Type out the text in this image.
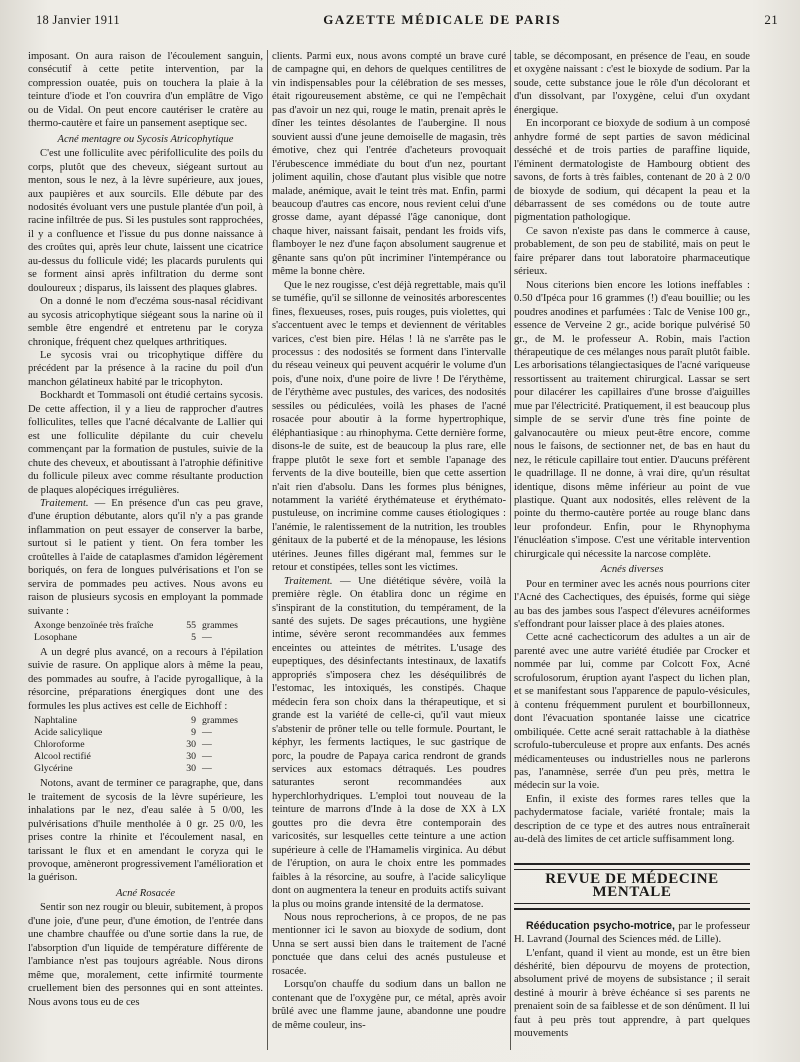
18 Janvier 1911	GAZETTE MÉDICALE DE PARIS	21

imposant. On aura raison de l'écoulement sanguin, consécutif à cette petite intervention, par la compression ouatée, puis on touchera la plaie à la teinture d'iode et l'on couvrira d'un emplâtre de Vigo ou de Vidal. On peut encore cautériser le cratère au thermo-cautère et faire un pansement aseptique sec.

Acné mentagre ou Sycosis Atricophytique

C'est une folliculite avec périfolliculite des poils du corps, plutôt que des cheveux, siégeant surtout au menton, sous le nez, à la lèvre supérieure, aux joues, aux paupières et aux sourcils. Elle débute par des nodosités évoluant vers une pustule plantée d'un poil, à racine infiltrée de pus. Si les pustules sont rapprochées, il y a confluence et l'issue du pus donne naissance à des croûtes qui, après leur chute, laissent une cicatrice au-dessus du follicule vidé; les placards purulents qui se forment ainsi après infiltration du derme sont douloureux ; disparus, ils laissent des plaques glabres.

On a donné le nom d'eczéma sous-nasal récidivant au sycosis atricophytique siégeant sous la narine où il semble être engendré et entretenu par le coryza chronique, fréquent chez quelques arthritiques.

Le sycosis vrai ou tricophytique diffère du précédent par la présence à la racine du poil d'un manchon gélatineux habité par le tricophyton.

Bockhardt et Tommasoli ont étudié certains sycosis. De cette affection, il y a lieu de rapprocher d'autres folliculites, telles que l'acné décalvante de Lallier qui est une folliculite dépilante du cuir chevelu commençant par la formation de pustules, suivie de la chute des cheveux, et aboutissant à l'atrophie définitive du follicule pileux avec comme résultante production de plaques alopéciques irrégulières.

Traitement. — En présence d'un cas peu grave, d'une éruption débutante, alors qu'il n'y a pas grande inflammation on peut essayer de conserver la barbe, surtout si le patient y tient. On fera tomber les croûtelles à l'aide de cataplasmes d'amidon légèrement boriqués, on fera de longues pulvérisations et l'on se servira de pommades peu actives. Nous avons eu raison de plusieurs sycosis en employant la pommade suivante :

Axonge benzoïnée très fraîche	55 grammes
Losophane	5 —

A un degré plus avancé, on a recours à l'épilation suivie de rasure. On applique alors à même la peau, des pommades au soufre, à l'acide pyrogallique, à la résorcine, préparations énergiques dont une des formules les plus actives est celle de Eichhoff :

Naphtaline	9 grammes
Acide salicylique	9 —
Chloroforme	30 —
Alcool rectifié	30 —
Glycérine	30 —

Notons, avant de terminer ce paragraphe, que, dans le traitement de sycosis de la lèvre supérieure, les inhalations par le nez, d'eau salée à 5 0/00, les pulvérisations d'huile mentholée à 0 gr. 25 0/0, les prises contre la rhinite et l'écoulement nasal, en tarissant le flux et en amendant le coryza qui le provoque, amèneront progressivement l'amélioration et la guérison.

Acné Rosacée

Sentir son nez rougir ou bleuir, subitement, à propos d'une joie, d'une peur, d'une émotion, de l'entrée dans une chambre chauffée ou d'une sortie dans la rue, de l'absorption d'un liquide de température différente de l'ambiance n'est pas toujours agréable. Nous dirons même que, moralement, cette infirmité tourmente cruellement bien des personnes qui en sont atteintes. Nous avons tous eu de ces

clients. Parmi eux, nous avons compté un brave curé de campagne qui, en dehors de quelques centilitres de vin indispensables pour la célébration de ses messes, était rigoureusement abstème, ce qui ne l'empêchait pas d'avoir un nez qui, rouge le matin, prenait après le dîner les teintes désolantes de l'aubergine. Il nous souvient aussi d'une jeune demoiselle de magasin, très émotive, chez qui l'entrée d'acheteurs provoquait l'érubescence immédiate du bout d'un nez, pourtant joliment aquilin, chose d'autant plus visible que notre malade, anémique, avait le teint très mat. Enfin, parmi beaucoup d'autres cas encore, nous revient celui d'une grosse dame, ayant dépassé l'âge canonique, dont chaque hiver, naissant faisait, pendant les froids vifs, flamboyer le nez d'une façon absolument saugrenue et gênante sans qu'on pût incriminer l'intempérance ou même la bonne chère.

Que le nez rougisse, c'est déjà regrettable, mais qu'il se tuméfie, qu'il se sillonne de veinosités arborescentes fines, flexueuses, roses, puis rouges, puis violettes, qui s'accentuent avec le temps et deviennent de véritables varices, c'est bien pire. Hélas ! là ne s'arrête pas le processus : des nodosités se forment dans l'intervalle du réseau veineux qui peuvent acquérir le volume d'un pois, d'une noix, d'une poire de livre ! De l'érythème, de l'érythème avec pustules, des varices, des nodosités sessiles ou pédiculées, voilà les phases de l'acné rosacée pour aboutir à la forme hypertrophique, éléphantiasique : au rhinophyma. Cette dernière forme, disons-le de suite, est de beaucoup la plus rare, elle frappe plutôt le sexe fort et semble l'apanage des fervents de la dive bouteille, bien que cette assertion n'ait rien d'absolu. Dans les formes plus bénignes, notamment la variété érythémateuse et érythémato-pustuleuse, on incrimine comme causes étiologiques : l'anémie, le ralentissement de la nutrition, les troubles génitaux de la puberté et de la ménopause, les lésions utérines. Jeunes filles digérant mal, femmes sur le retour et constipées, telles sont les victimes.

Traitement. — Une diététique sévère, voilà la première règle. On établira donc un régime en s'inspirant de la constitution, du tempérament, de la santé des sujets. De sages précautions, une hygiène intime, sévère seront recommandées aux femmes enceintes ou atteintes de métrites. L'usage des eupeptiques, des désinfectants intestinaux, de laxatifs appropriés s'imposera chez les déséquilibrés de l'estomac, les intoxiqués, les constipés. Chaque médecin fera son choix dans la thérapeutique, et si grande est la variété de celle-ci, qu'il vaut mieux s'abstenir de prôner telle ou telle formule. Pourtant, le képhyr, les ferments lactiques, le suc gastrique de porc, la poudre de Papaya carica rendront de grands services aux estomacs détraqués. Les poudres saturantes seront recommandées aux hyperchlorhydriques. L'emploi tout nouveau de la teinture de marrons d'Inde à la dose de XX à LX gouttes pro die devra être contemporain des varicosités, sur lesquelles cette teinture a une action supérieure à celle de l'Hamamelis virginica. Au début de l'éruption, on aura le choix entre les pommades faibles à la résorcine, au soufre, à l'acide salicylique dont on augmentera la teneur en produits actifs suivant la plus ou moins grande intensité de la dermatose.

Nous nous reprocherions, à ce propos, de ne pas mentionner ici le savon au bioxyde de sodium, dont Unna se sert aussi bien dans le traitement de l'acné ponctuée que dans celui des acnés pustuleuse et rosacée.

Lorsqu'on chauffe du sodium dans un ballon ne contenant que de l'oxygène pur, ce métal, après avoir brûlé avec une flamme jaune, abandonne une poudre de même couleur, ins-

table, se décomposant, en présence de l'eau, en soude et oxygène naissant : c'est le bioxyde de sodium. Par la soude, cette substance joue le rôle d'un décolorant et d'un dissolvant, par l'oxygène, celui d'un oxydant énergique.

En incorporant ce bioxyde de sodium à un composé anhydre formé de sept parties de savon médicinal desséché et de trois parties de paraffine liquide, l'éminent dermatologiste de Hambourg obtient des savons, de forts à très faibles, contenant de 20 à 2 0/0 de bioxyde de sodium, qui décapent la peau et la débarrassent de ses comédons ou de toute autre pigmentation pathologique.

Ce savon n'existe pas dans le commerce à cause, probablement, de son peu de stabilité, mais on peut le faire préparer dans tout laboratoire pharmaceutique sérieux.

Nous citerions bien encore les lotions ineffables : 0.50 d'Ipéca pour 16 grammes (!) d'eau bouillie; ou les poudres anodines et parfumées : Talc de Venise 100 gr., essence de Verveine 2 gr., acide borique pulvérisé 50 gr., de M. le professeur A. Robin, mais l'action thérapeutique de ces mélanges nous paraît plutôt faible. Les arborisations télangiectasiques de l'acné variqueuse ressortissent au traitement chirurgical. Lassar se sert pour dilacérer les capillaires d'une brosse d'aiguilles mue par l'électricité. Pratiquement, il est beaucoup plus simple de se servir d'une très fine pointe de galvanocautère ou mieux peut-être encore, comme nous le faisons, de sectionner net, de bas en haut du nez, le réticule capillaire tout entier. D'aucuns préfèrent le quadrillage. Il ne donne, à vrai dire, qu'un résultat identique, disons même inférieur au point de vue plastique. Quant aux nodosités, elles relèvent de la pointe du thermo-cautère portée au rouge blanc dans leur profondeur. Enfin, pour le Rhynophyma l'énucléation s'impose. C'est une véritable intervention chirurgicale qui nécessite la narcose complète.

Acnés diverses

Pour en terminer avec les acnés nous pourrions citer l'Acné des Cachectiques, des épuisés, forme qui siège au bas des jambes sous l'aspect d'élevures acnéiformes s'effondrant pour laisser place à des plaies atones.

Cette acné cachecticorum des adultes a un air de parenté avec une autre variété étudiée par Crocker et nommée par lui, comme par Colcott Fox, Acné scrofulosorum, éruption ayant l'aspect du lichen plan, et se manifestant sous l'apparence de papulo-vésicules, à contenu fréquemment purulent et bourbillonneux, dont l'évacuation spontanée laisse une cicatrice ombiliquée. Cette acné serait rattachable à la diathèse scrofulo-tuberculeuse et propre aux enfants. Des acnés médicamenteuses ou industrielles nous ne parlerons pas, l'anamnèse, serrée d'un peu près, mettra le médecin sur la voie.

Enfin, il existe des formes rares telles que la pachydermatose faciale, variété frontale; mais la description de ce type et des autres nous entraînerait au-delà des limites de cet article suffisamment long.

REVUE DE MÉDECINE MENTALE

Rééducation psycho-motrice, par le professeur H. Lavrand (Journal des Sciences méd. de Lille).

L'enfant, quand il vient au monde, est un être bien déshérité, bien dépourvu de moyens de protection, absolument privé de moyens de subsistance ; il serait destiné à mourir à brève échéance si ses parents ne prenaient soin de sa faiblesse et de son dénûment. Il lui faut à peu près tout apprendre, à part quelques mouvements
